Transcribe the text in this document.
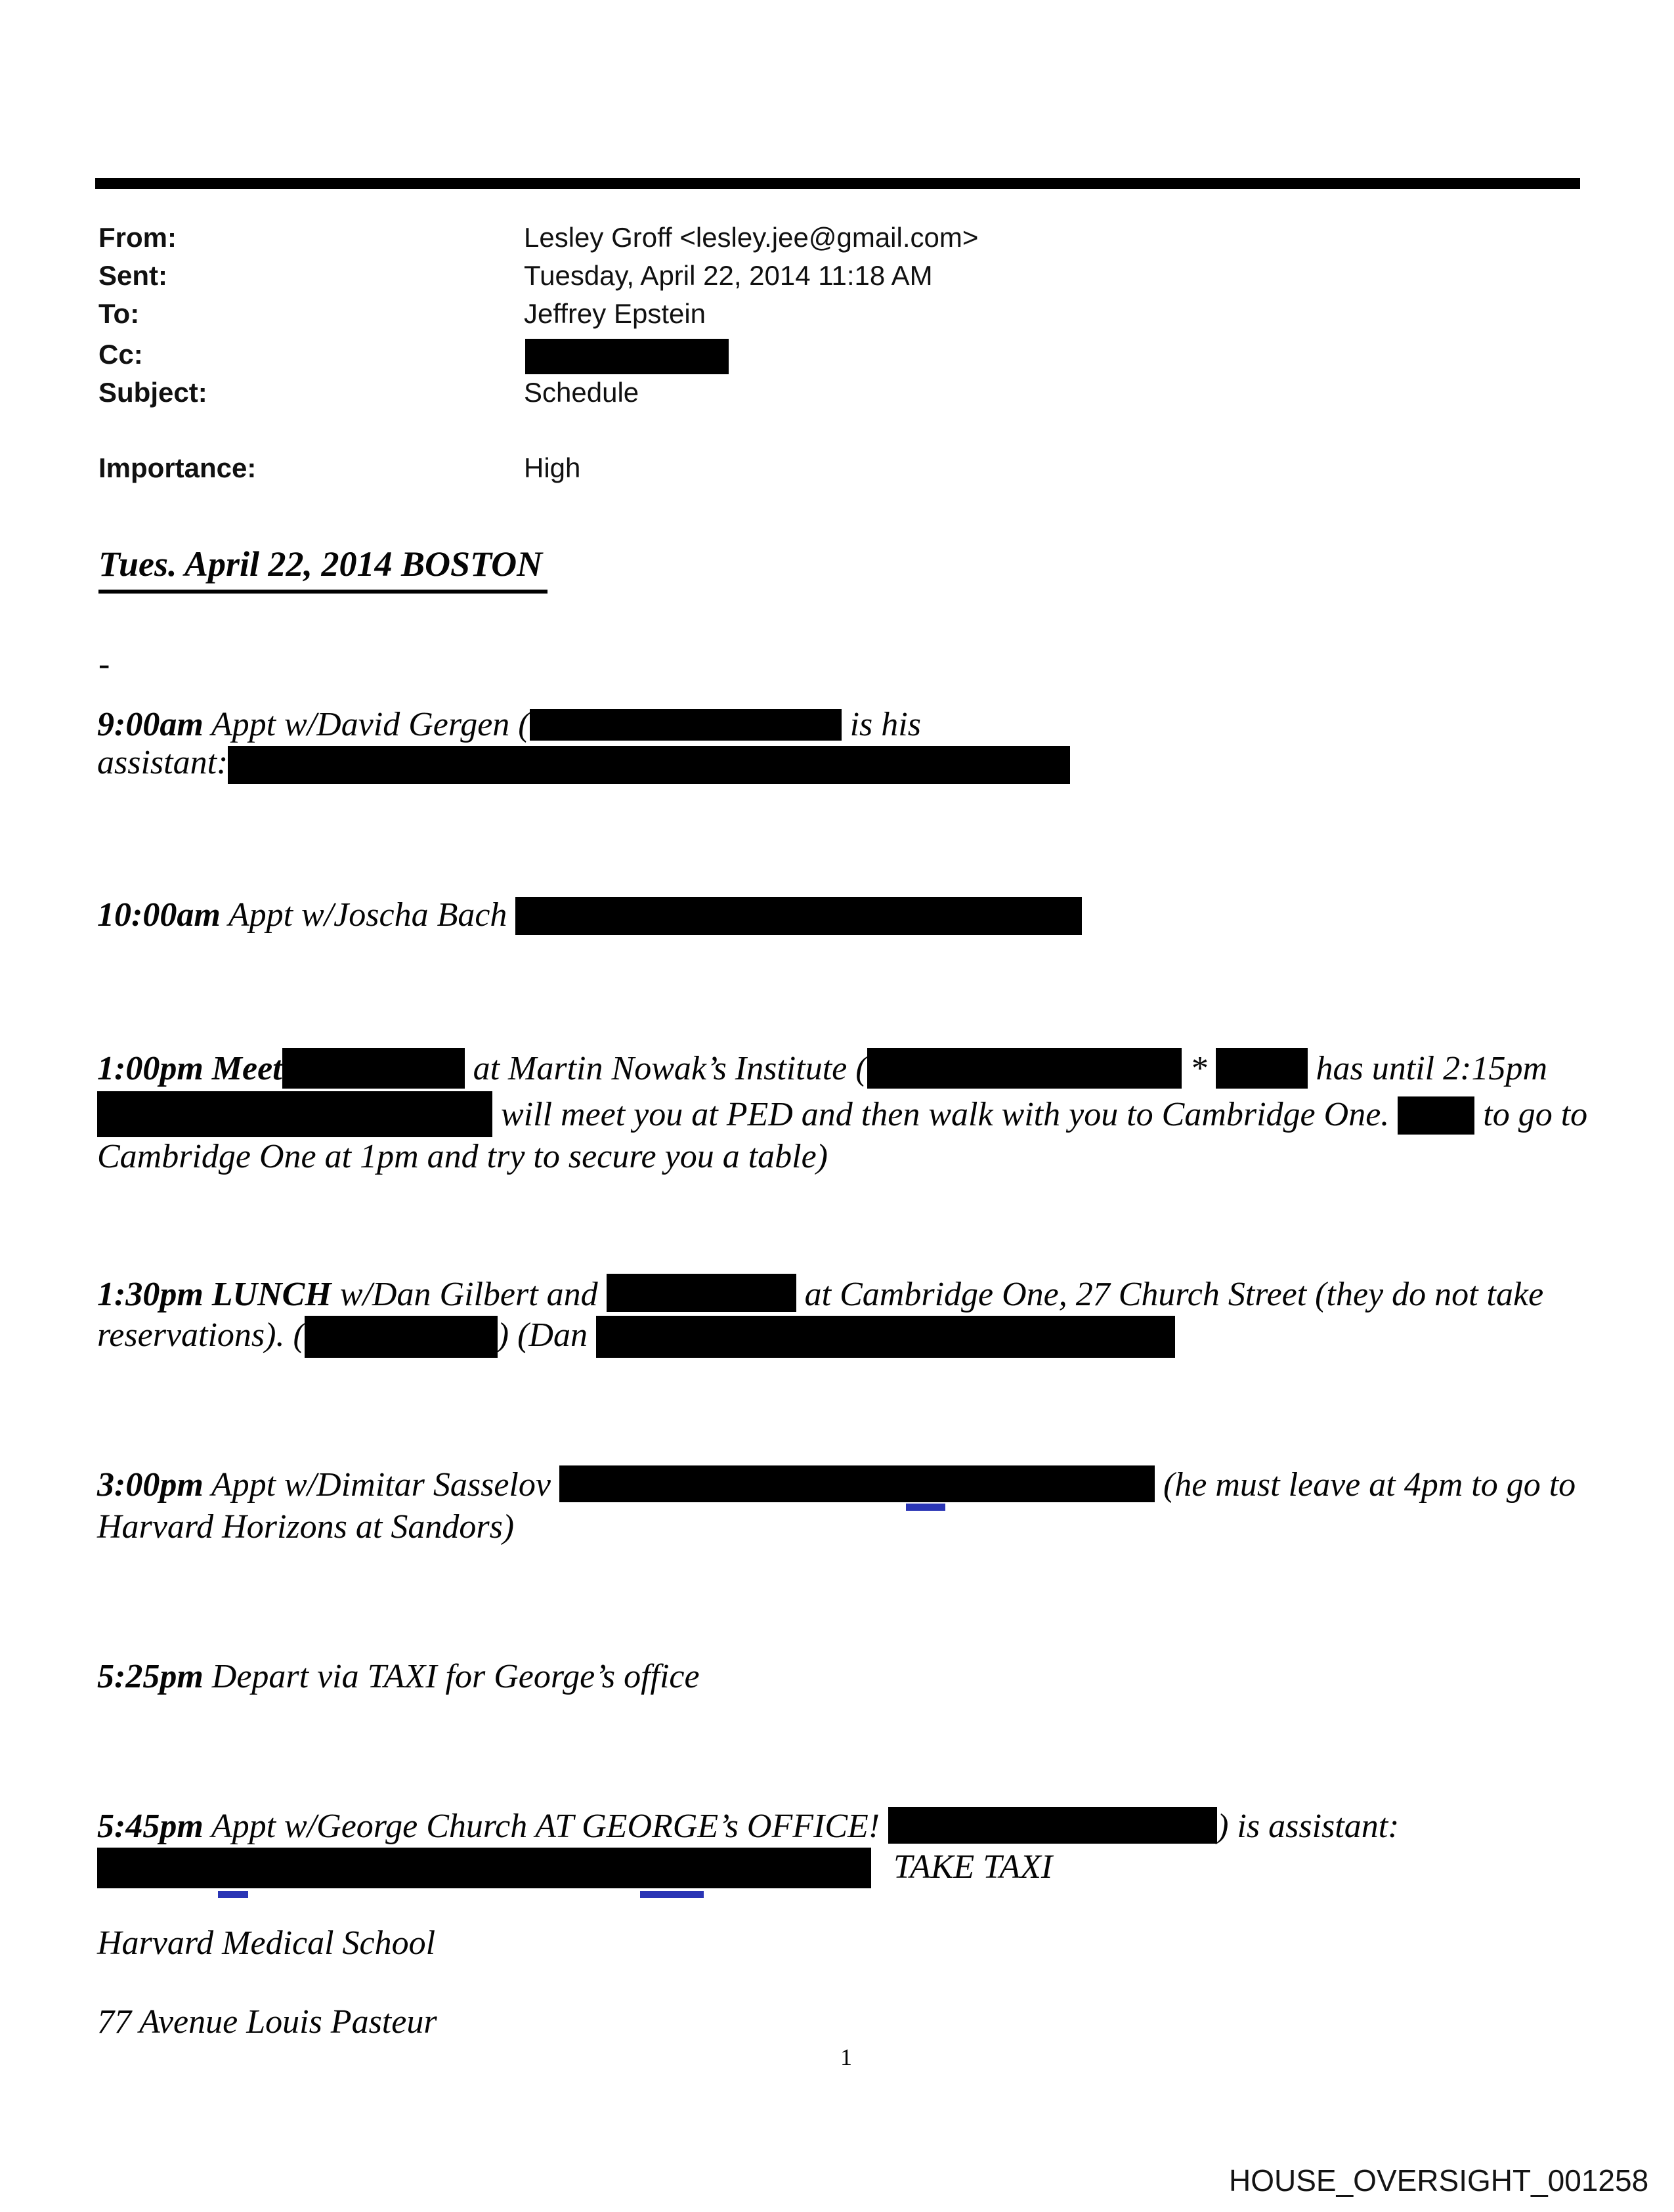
From:	Lesley Groff <lesley.jee@gmail.com>
Sent:	Tuesday, April 22, 2014 11:18 AM
To:	Jeffrey Epstein
Cc:
Subject:	Schedule
Importance:	High
Tues. April 22, 2014 BOSTON
-
9:00am Appt w/David Gergen (	is his
assistant:
10:00am Appt w/Joscha Bach
1:00pm Meet	at Martin Nowak’s Institute (	*	has until 2:15pm
will meet you at PED and then walk with you to Cambridge One.  to go to
Cambridge One at 1pm and try to secure you a table)
1:30pm LUNCH w/Dan Gilbert and	at Cambridge One, 27 Church Street (they do not take
reservations). (	) (Dan
3:00pm Appt w/Dimitar Sasselov	(he must leave at 4pm to go to
Harvard Horizons at Sandors)
5:25pm Depart via TAXI for George’s office
5:45pm Appt w/George Church AT GEORGE’s OFFICE!	) is assistant:
TAKE TAXI
Harvard Medical School
77 Avenue Louis Pasteur
1
HOUSE_OVERSIGHT_001258
